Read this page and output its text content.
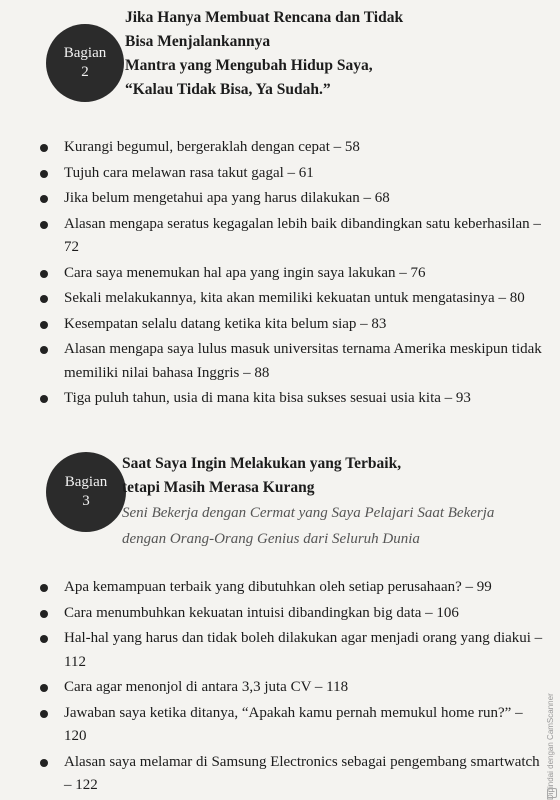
Bagian
2
Jika Hanya Membuat Rencana dan Tidak
Bisa Menjalankannya
Mantra yang Mengubah Hidup Saya,
“Kalau Tidak Bisa, Ya Sudah.”
Kurangi begumul, bergeraklah dengan cepat – 58
Tujuh cara melawan rasa takut gagal – 61
Jika belum mengetahui apa yang harus dilakukan – 68
Alasan mengapa seratus kegagalan lebih baik dibandingkan satu keberhasilan – 72
Cara saya menemukan hal apa yang ingin saya lakukan – 76
Sekali melakukannya, kita akan memiliki kekuatan untuk mengatasinya – 80
Kesempatan selalu datang ketika kita belum siap – 83
Alasan mengapa saya lulus masuk universitas ternama Amerika meskipun tidak memiliki nilai bahasa Inggris – 88
Tiga puluh tahun, usia di mana kita bisa sukses sesuai usia kita – 93
Bagian
3
Saat Saya Ingin Melakukan yang Terbaik,
tetapi Masih Merasa Kurang
Seni Bekerja dengan Cermat yang Saya Pelajari Saat Bekerja
dengan Orang-Orang Genius dari Seluruh Dunia
Apa kemampuan terbaik yang dibutuhkan oleh setiap perusahaan? – 99
Cara menumbuhkan kekuatan intuisi dibandingkan big data – 106
Hal-hal yang harus dan tidak boleh dilakukan agar menjadi orang yang diakui – 112
Cara agar menonjol di antara 3,3 juta CV – 118
Jawaban saya ketika ditanya, “Apakah kamu pernah memukul home run?” – 120
Alasan saya melamar di Samsung Electronics sebagai pengembang smartwatch – 122	Dipindai dengan CamScanner
